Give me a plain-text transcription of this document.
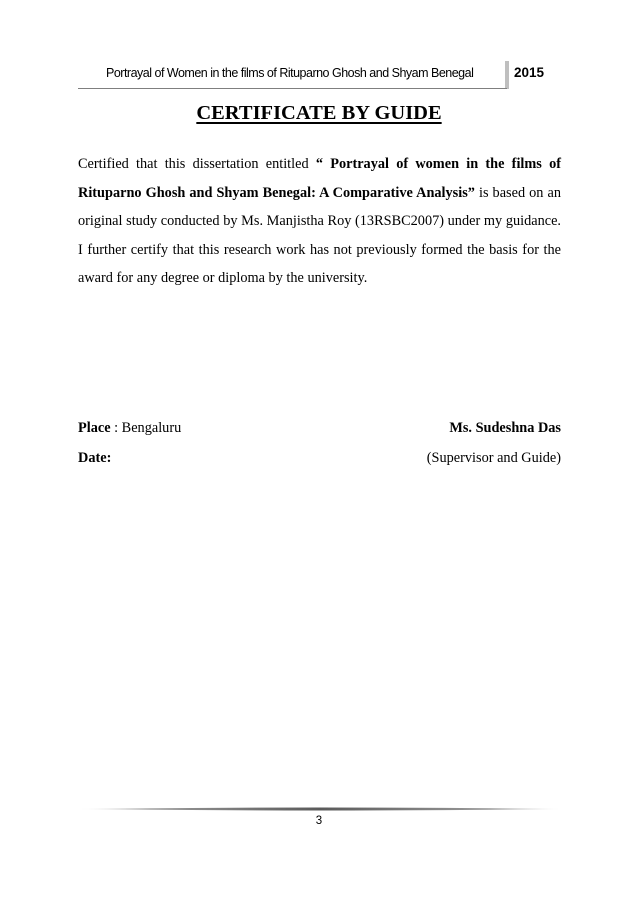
Portrayal of Women in the films of Rituparno Ghosh and Shyam Benegal	2015
CERTIFICATE BY GUIDE

Certified that this dissertation entitled “ Portrayal of women in the films of Rituparno Ghosh and Shyam Benegal: A Comparative Analysis” is based on an original study conducted by Ms. Manjistha Roy (13RSBC2007) under my guidance. I further certify that this research work has not previously formed the basis for the award for any degree or diploma by the university.

Place : Bengaluru
Date:
Ms. Sudeshna Das
(Supervisor and Guide)
3
